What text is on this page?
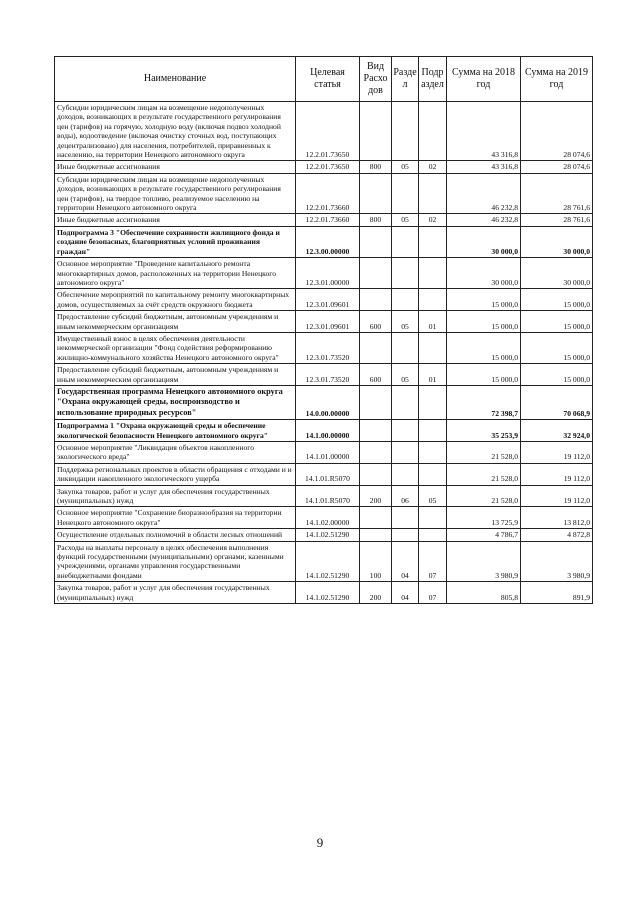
Наименование	Целевая статья	Вид Расхо дов	Разде л	Подр аздел	Сумма на 2018 год	Сумма на 2019 год
Субсидии юридическим лицам на возмещение недополученных доходов, возникающих в результате государственного регулирования цен (тарифов) на горячую, холодную воду (включая подвоз холодной воды), водоотведение (включая очистку сточных вод, поступающих децентрализовано) для населения, потребителей, приравненных к населению, на территории Ненецкого автономного округа	12.2.01.73650				43 316,8	28 074,6
Иные бюджетные ассигнования	12.2.01.73650	800	05	02	43 316,8	28 074,6
Субсидии юридическим лицам на возмещение недополученных доходов, возникающих в результате государственного регулирования цен (тарифов), на твердое топливо, реализуемое населению на территории Ненецкого автономного округа	12.2.01.73660				46 232,8	28 761,6
Иные бюджетные ассигнования	12.2.01.73660	800	05	02	46 232,8	28 761,6
Подпрограмма 3 "Обеспечение сохранности жилищного фонда и создание безопасных, благоприятных условий проживания граждан"	12.3.00.00000				30 000,0	30 000,0
Основное мероприятие "Проведение капитального ремонта многоквартирных домов, расположенных на территории Ненецкого автономного округа"	12.3.01.00000				30 000,0	30 000,0
Обеспечение мероприятий по капитальному ремонту многоквартирных домов, осуществляемых за счёт средств окружного бюджета	12.3.01.09601				15 000,0	15 000,0
Предоставление субсидий бюджетным, автономным учреждениям и иным некоммерческим организациям	12.3.01.09601	600	05	01	15 000,0	15 000,0
Имущественный взнос в целях обеспечения деятельности некоммерческой организации "Фонд содействия реформированию жилищно-коммунального хозяйства Ненецкого автономного округа"	12.3.01.73520				15 000,0	15 000,0
Предоставление субсидий бюджетным, автономным учреждениям и иным некоммерческим организациям	12.3.01.73520	600	05	01	15 000,0	15 000,0
Государственная программа Ненецкого автономного округа "Охрана окружающей среды, воспроизводство и использование природных ресурсов"	14.0.00.00000				72 398,7	70 068,9
Подпрограмма 1 "Охрана окружающей среды и обеспечение экологической безопасности Ненецкого автономного округа"	14.1.00.00000				35 253,9	32 924,0
Основное мероприятие "Ликвидация объектов накопленного экологического вреда"	14.1.01.00000				21 528,0	19 112,0
Поддержка региональных проектов в области обращения с отходами и и ликвидации накопленного экологического ущерба	14.1.01.R5070				21 528,0	19 112,0
Закупка товаров, работ и услуг для обеспечения государственных (муниципальных) нужд	14.1.01.R5070	200	06	05	21 528,0	19 112,0
Основное мероприятие "Сохранение биоразнообразия на территории Ненецкого автономного округа"	14.1.02.00000				13 725,9	13 812,0
Осуществление отдельных полномочий в области лесных отношений	14.1.02.51290				4 786,7	4 872,8
Расходы на выплаты персоналу в целях обеспечения выполнения функций государственными (муниципальными) органами, казенными учреждениями, органами управления государственными внебюджетными фондами	14.1.02.51290	100	04	07	3 980,9	3 980,9
Закупка товаров, работ и услуг для обеспечения государственных (муниципальных) нужд	14.1.02.51290	200	04	07	805,8	891,9
9
